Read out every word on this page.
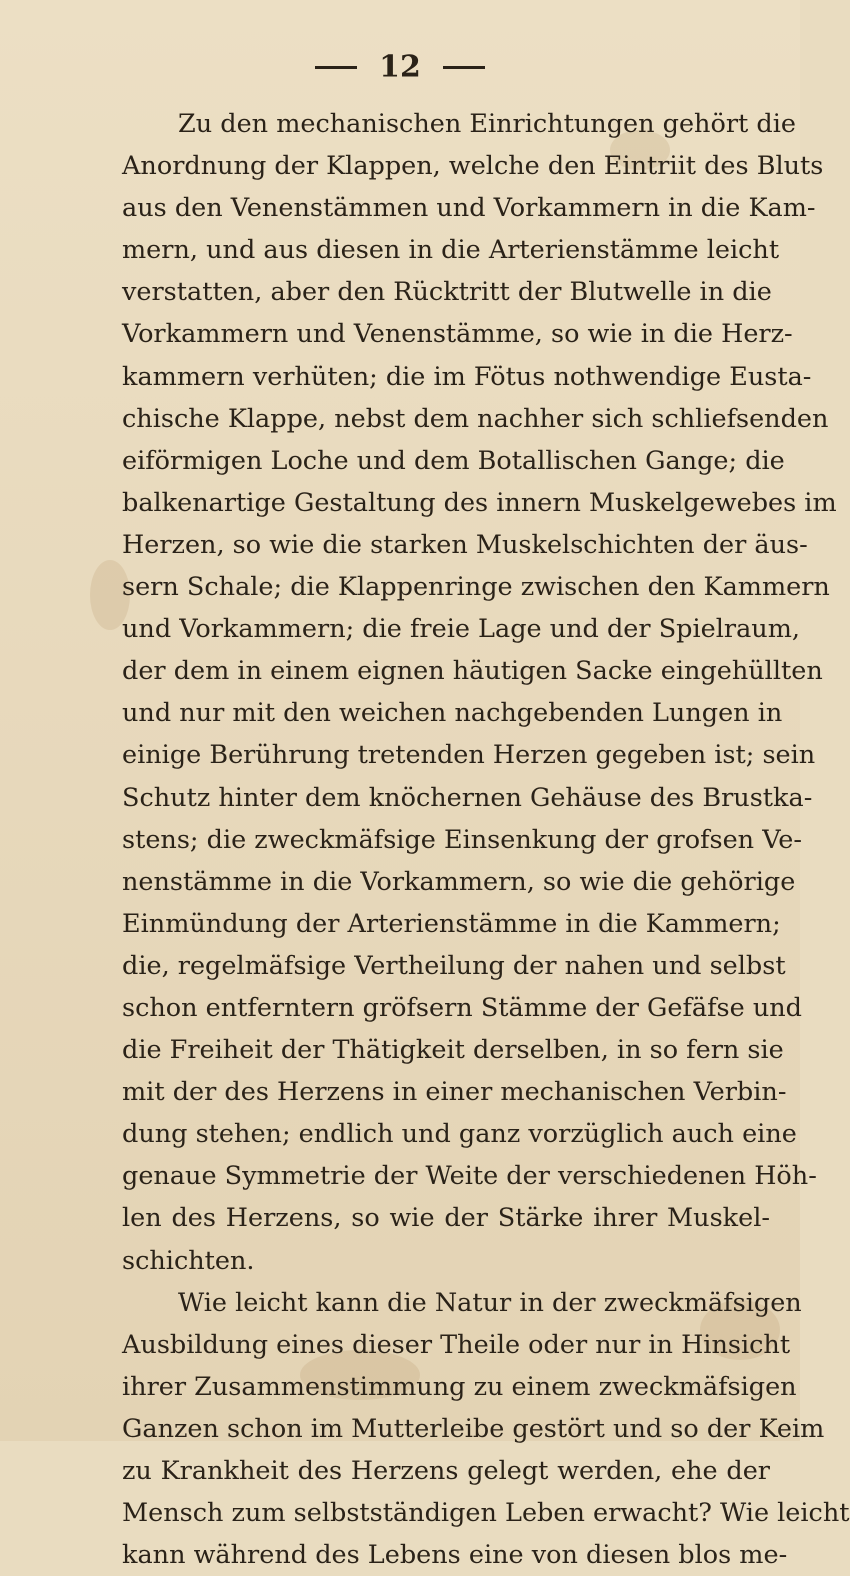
12
Zu den mechanischen Einrichtungen gehört die
Anordnung der Klappen, welche den Eintriit des Bluts
aus den Venenstämmen und Vorkammern in die Kam-
mern, und aus diesen in die Arterienstämme leicht
verstatten, aber den Rücktritt der Blutwelle in die
Vorkammern und Venenstämme, so wie in die Herz-
kammern verhüten; die im Fötus nothwendige Eusta-
chische Klappe, nebst dem nachher sich schliefsenden
eiförmigen Loche und dem Botallischen Gange; die
balkenartige Gestaltung des innern Muskelgewebes im
Herzen, so wie die starken Muskelschichten der äus-
sern Schale; die Klappenringe zwischen den Kammern
und Vorkammern; die freie Lage und der Spielraum,
der dem in einem eignen häutigen Sacke eingehüllten
und nur mit den weichen nachgebenden Lungen in
einige Berührung tretenden Herzen gegeben ist; sein
Schutz hinter dem knöchernen Gehäuse des Brustka-
stens; die zweckmäfsige Einsenkung der grofsen Ve-
nenstämme in die Vorkammern, so wie die gehörige
Einmündung der Arterienstämme in die Kammern;
die, regelmäfsige Vertheilung der nahen und selbst
schon entferntern gröfsern Stämme der Gefäfse und
die Freiheit der Thätigkeit derselben, in so fern sie
mit der des Herzens in einer mechanischen Verbin-
dung stehen; endlich und ganz vorzüglich auch eine
genaue Symmetrie der Weite der verschiedenen Höh-
len des Herzens, so wie der Stärke ihrer Muskel-
schichten.
Wie leicht kann die Natur in der zweckmäfsigen
Ausbildung eines dieser Theile oder nur in Hinsicht
ihrer Zusammenstimmung zu einem zweckmäfsigen
Ganzen schon im Mutterleibe gestört und so der Keim
zu Krankheit des Herzens gelegt werden, ehe der
Mensch zum selbstständigen Leben erwacht? Wie leicht
kann während des Lebens eine von diesen blos me-
